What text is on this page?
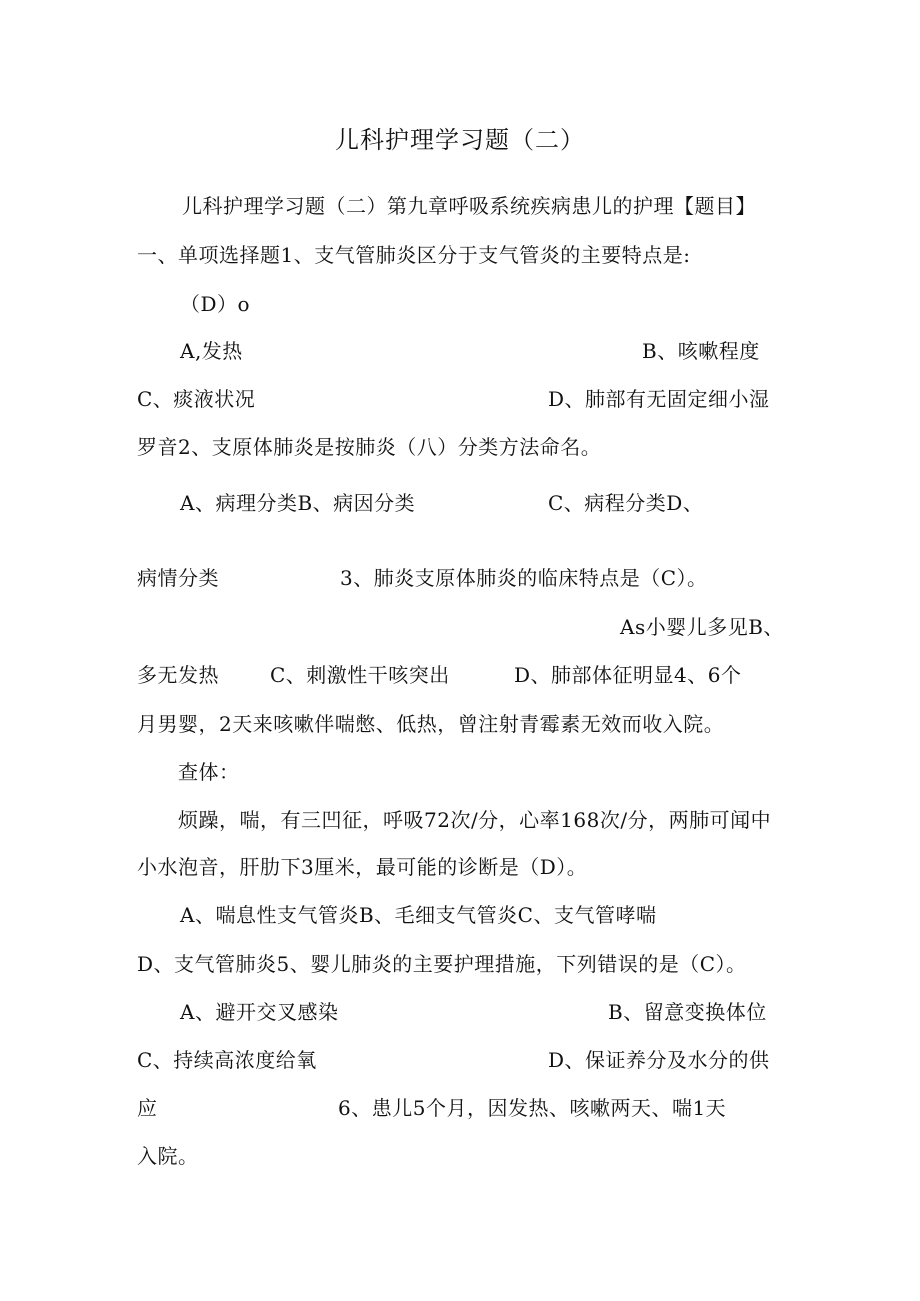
儿科护理学习题（二）
儿科护理学习题（二）第九章呼吸系统疾病患儿的护理【题目】
一、单项选择题1、支气管肺炎区分于支气管炎的主要特点是:
（D）o
A,发热	B、咳嗽程度
C、痰液状况	D、肺部有无固定细小湿
罗音2、支原体肺炎是按肺炎（八）分类方法命名。
A、病理分类B、病因分类	C、病程分类D、
病情分类	3、肺炎支原体肺炎的临床特点是（C）。
As小婴儿多见B、
多无发热	C、刺激性干咳突出	D、肺部体征明显4、6个
月男婴，2天来咳嗽伴喘憋、低热，曾注射青霉素无效而收入院。
查体：
烦躁，喘，有三凹征，呼吸72次/分，心率168次/分，两肺可闻中
小水泡音，肝肋下3厘米，最可能的诊断是（D）。
A、喘息性支气管炎B、毛细支气管炎C、支气管哮喘
D、支气管肺炎5、婴儿肺炎的主要护理措施，下列错误的是（C）。
A、避开交叉感染	B、留意变换体位
C、持续高浓度给氧	D、保证养分及水分的供
应	6、患儿5个月，因发热、咳嗽两天、喘1天
入院。
